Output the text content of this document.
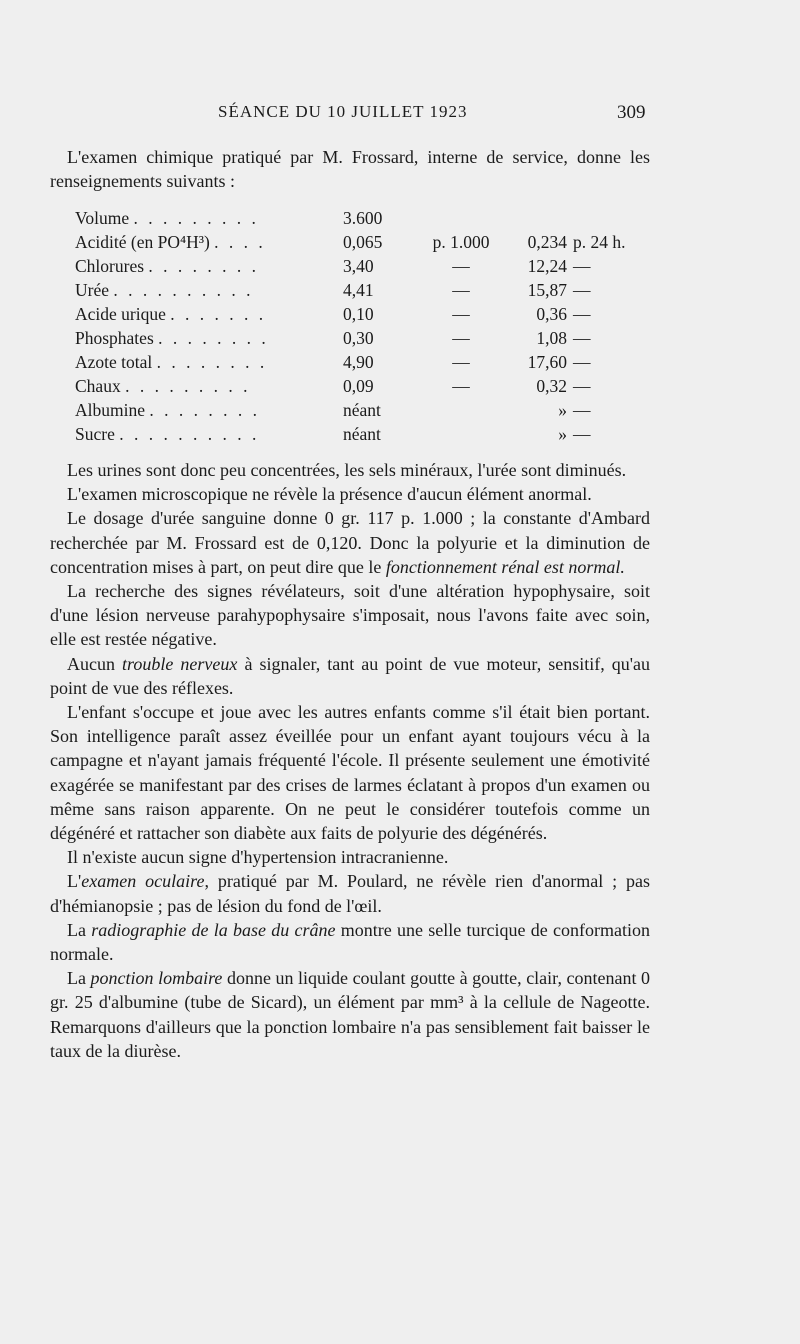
SÉANCE DU 10 JUILLET 1923	309

L'examen chimique pratiqué par M. Frossard, interne de service, donne les renseignements suivants :

Volume . . . . . . . . .	3.600			
Acidité (en PO⁴H³) . . . .	0,065	p. 1.000	0,234	p. 24 h.
Chlorures . . . . . . . .	3,40	—	12,24	—
Urée . . . . . . . . . .	4,41	—	15,87	—
Acide urique . . . . . . .	0,10	—	0,36	—
Phosphates . . . . . . . .	0,30	—	1,08	—
Azote total . . . . . . . .	4,90	—	17,60	—
Chaux . . . . . . . . .	0,09	—	0,32	—
Albumine . . . . . . . .	néant		»	—
Sucre . . . . . . . . . .	néant		»	—

Les urines sont donc peu concentrées, les sels minéraux, l'urée sont diminués.

L'examen microscopique ne révèle la présence d'aucun élément anormal.

Le dosage d'urée sanguine donne 0 gr. 117 p. 1.000 ; la constante d'Ambard recherchée par M. Frossard est de 0,120. Donc la polyurie et la diminution de concentration mises à part, on peut dire que le fonctionnement rénal est normal.

La recherche des signes révélateurs, soit d'une altération hypophysaire, soit d'une lésion nerveuse parahypophysaire s'imposait, nous l'avons faite avec soin, elle est restée négative.

Aucun trouble nerveux à signaler, tant au point de vue moteur, sensitif, qu'au point de vue des réflexes.

L'enfant s'occupe et joue avec les autres enfants comme s'il était bien portant. Son intelligence paraît assez éveillée pour un enfant ayant toujours vécu à la campagne et n'ayant jamais fréquenté l'école. Il présente seulement une émotivité exagérée se manifestant par des crises de larmes éclatant à propos d'un examen ou même sans raison apparente. On ne peut le considérer toutefois comme un dégénéré et rattacher son diabète aux faits de polyurie des dégénérés.

Il n'existe aucun signe d'hypertension intracranienne.

L'examen oculaire, pratiqué par M. Poulard, ne révèle rien d'anormal ; pas d'hémianopsie ; pas de lésion du fond de l'œil.

La radiographie de la base du crâne montre une selle turcique de conformation normale.

La ponction lombaire donne un liquide coulant goutte à goutte, clair, contenant 0 gr. 25 d'albumine (tube de Sicard), un élément par mm³ à la cellule de Nageotte. Remarquons d'ailleurs que la ponction lombaire n'a pas sensiblement fait baisser le taux de la diurèse.
